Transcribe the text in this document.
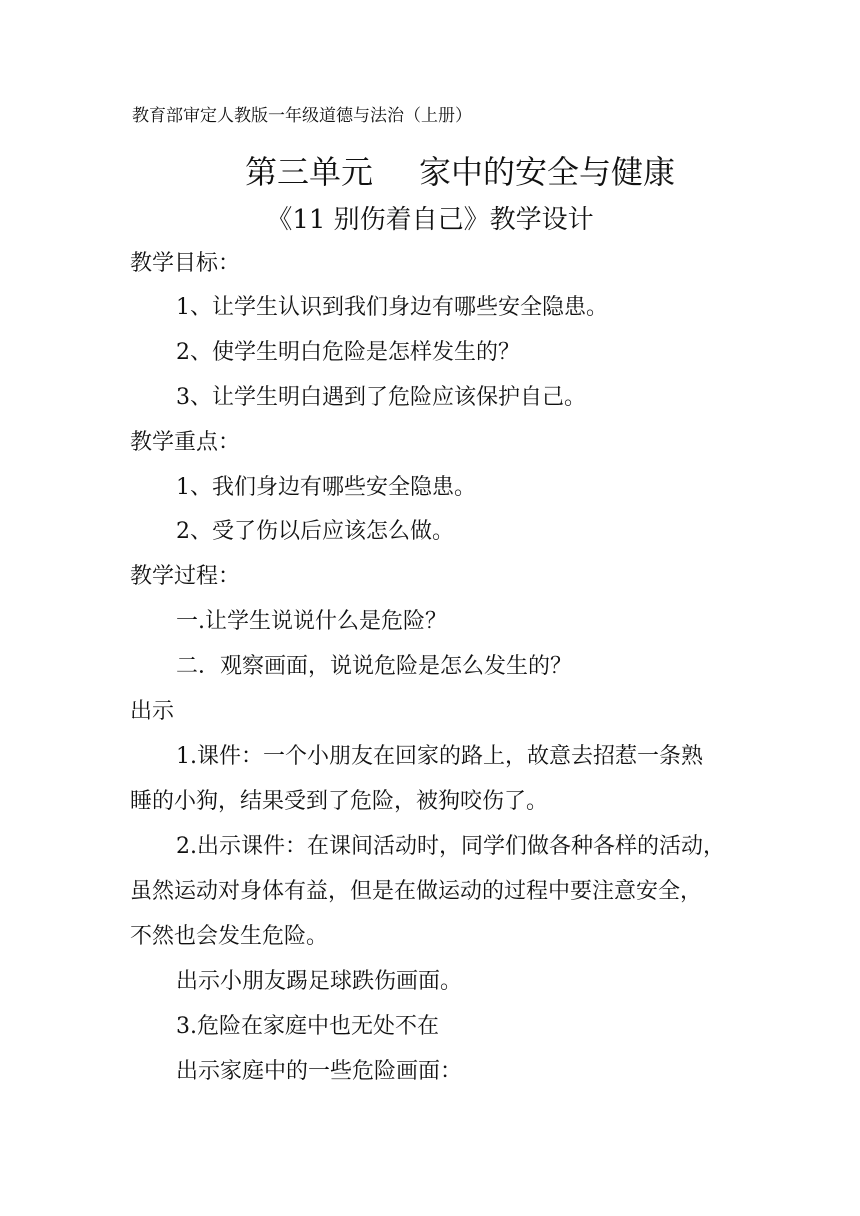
教育部审定人教版一年级道德与法治（上册）
第三单元 家中的安全与健康
《11 别伤着自己》教学设计
教学目标：
1、让学生认识到我们身边有哪些安全隐患。
2、使学生明白危险是怎样发生的？
3、让学生明白遇到了危险应该保护自己。
教学重点：
1、我们身边有哪些安全隐患。
2、受了伤以后应该怎么做。
教学过程：
一.让学生说说什么是危险？
二．观察画面，说说危险是怎么发生的？
出示
1.课件：一个小朋友在回家的路上，故意去招惹一条熟
睡的小狗，结果受到了危险，被狗咬伤了。
2.出示课件：在课间活动时，同学们做各种各样的活动，
虽然运动对身体有益，但是在做运动的过程中要注意安全，
不然也会发生危险。
出示小朋友踢足球跌伤画面。
3.危险在家庭中也无处不在
出示家庭中的一些危险画面：
